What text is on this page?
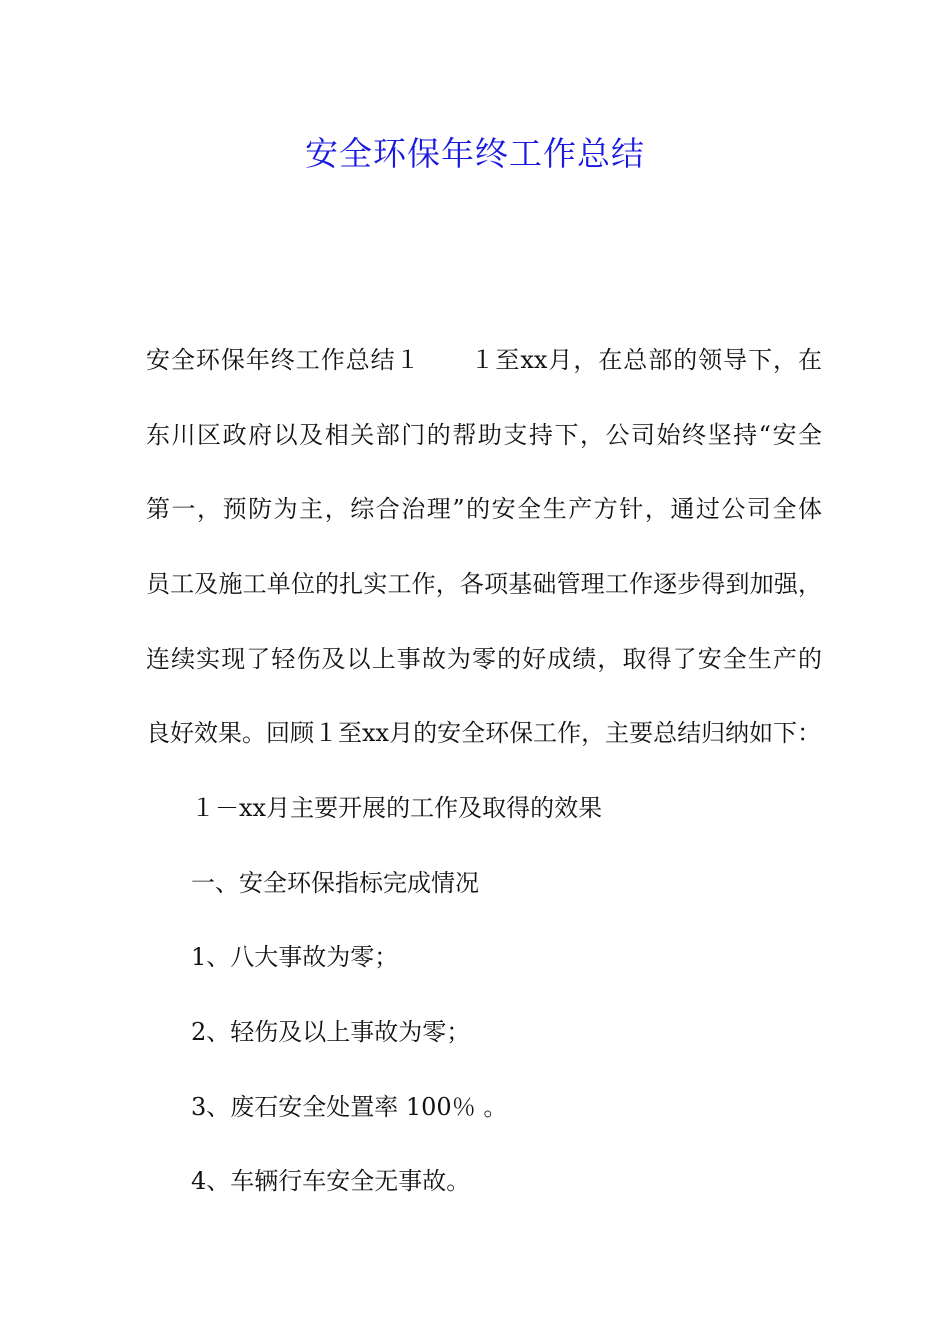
安全环保年终工作总结

安全环保年终工作总结１　　１至xx月，在总部的领导下，在

东川区政府以及相关部门的帮助支持下，公司始终坚持“安全

第一，预防为主，综合治理”的安全生产方针，通过公司全体

员工及施工单位的扎实工作，各项基础管理工作逐步得到加强，

连续实现了轻伤及以上事故为零的好成绩，取得了安全生产的

良好效果。回顾１至xx月的安全环保工作，主要总结归纳如下：

１－xx月主要开展的工作及取得的效果

一、安全环保指标完成情况

1、八大事故为零；

2、轻伤及以上事故为零；

3、废石安全处置率 100％ 。

4、车辆行车安全无事故。
